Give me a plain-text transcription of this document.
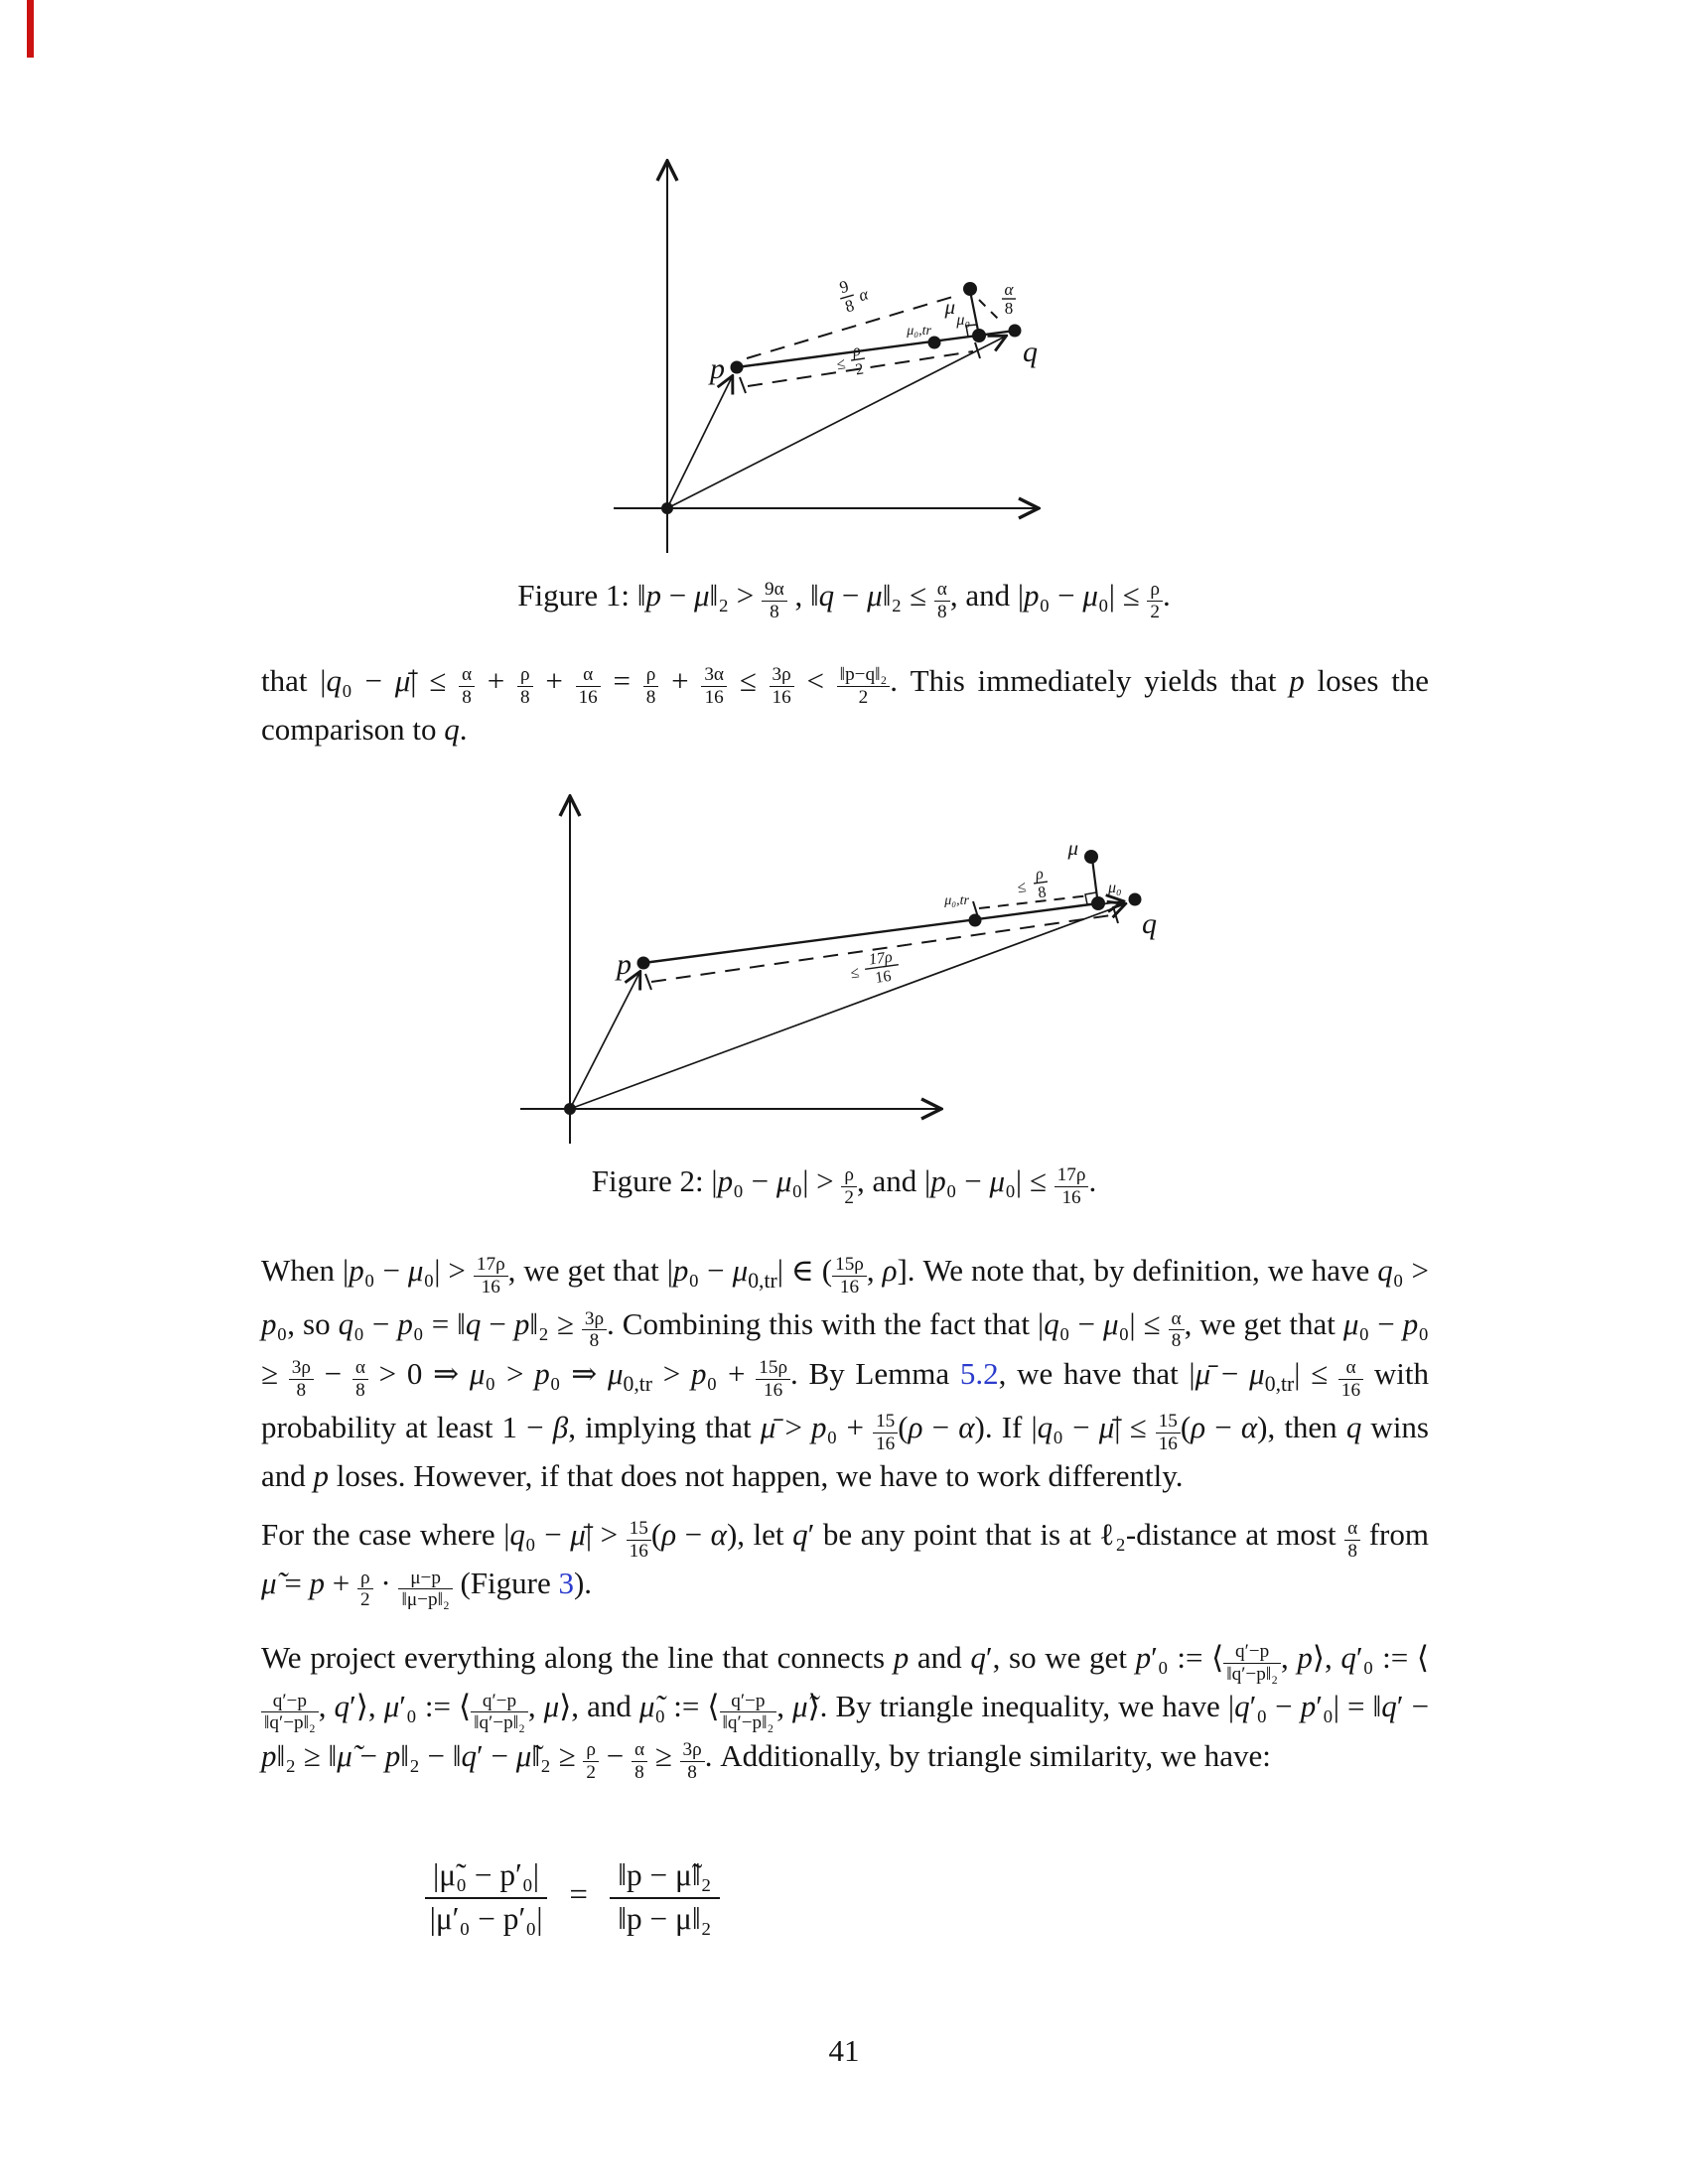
p
q
μ
μ₀
μ₀,tr
9
8
α	α
8
≤
ρ
2
Figure 1: ‖p − μ‖₂ > $\frac{9\alpha}{8}$ , ‖q − μ‖₂ ≤ $\frac{\alpha}{8}$ , and $|p_0 - \mu_0| \le \frac{\rho}{2}$ .
that |q₀ − μ̄| ≤ $\frac{\alpha}{8} + \frac{\rho}{8} + \frac{\alpha}{16} = \frac{\rho}{8} + \frac{3\alpha}{16} \le \frac{3\rho}{16} < \frac{\text{‖p−q‖₂}}{2}$ . This immediately yields that p loses the comparison to q.
p
q
μ
μ₀
μ₀,tr
≤
ρ
8
≤
17ρ
16
Figure 2: $|p_0 - \mu_0| > \frac{\rho}{2}$ , and $|p_0 - \mu_0| \le \frac{17\rho}{16}$ .
When $|p_0 - \mu_0| > \frac{17\rho}{16}$ , we get that $|p_0 - \mu_{0,tr}|$ ∈ ( $\frac{15\rho}{16}$ , ρ]. We note that, by definition, we have q₀ > p₀, so q₀ − p₀ = ‖q − p‖₂ ≥ $\frac{3\rho}{8}$ . Combining this with the fact that $|q_0 - \mu_0| \le \frac{\alpha}{8}$ , we get that $\mu_0 - p_0 \ge \frac{3\rho}{8} - \frac{\alpha}{8} > 0$ ⇒ μ₀ > p₀ ⇒ $\mu_{0,tr} > p_0 + \frac{15\rho}{16}$ . By Lemma 5.2, we have that |μ̄ − $\mu_{0,tr}| \le \frac{\alpha}{16}$ with probability at least 1 − β, implying that μ̄ > $p_0 + \frac{15}{16} (\rho - \alpha)$. If |q₀ − μ̄| ≤ $\frac{15}{16} (\rho - \alpha)$, then q wins and p loses. However, if that does not happen, we have to work differently.
For the case where |q₀ − μ̄| > $\frac{15}{16} (\rho - \alpha)$, let q′ be any point that is at ℓ₂-distance at most $\frac{\alpha}{8}$ from μ̃ = $p + \frac{\rho}{2} \cdot \frac{\mu-p}{\text{‖μ−p‖₂}}$ (Figure 3).
We project everything along the line that connects p and q′, so we get p′₀ := ⟨ $\frac{q'-p}{\text{‖q′−p‖₂}}$ , p⟩, q′₀ := ⟨
$\frac{q'-p}{\text{‖q′−p‖₂}}$ , q′⟩, μ′₀ := ⟨ $\frac{q'-p}{\text{‖q′−p‖₂}}$ , μ⟩, and μ̃₀ := ⟨ $\frac{q'-p}{\text{‖q′−p‖₂}}$ , μ̃⟩. By triangle inequality, we have |q′₀ − p′₀| = ‖q′ − p‖₂ ≥ ‖μ̃ − p‖₂ − ‖q′ − μ̃‖₂ ≥ $\frac{\rho}{2} - \frac{\alpha}{8} \ge \frac{3\rho}{8}$ . Additionally, by triangle similarity, we have:
$\frac{\text{|μ̃₀ − p′₀|}}{\text{|μ′₀ − p′₀|}} = \frac{\text{‖p − μ̃‖₂}}{\text{‖p − μ‖₂}}$
41
